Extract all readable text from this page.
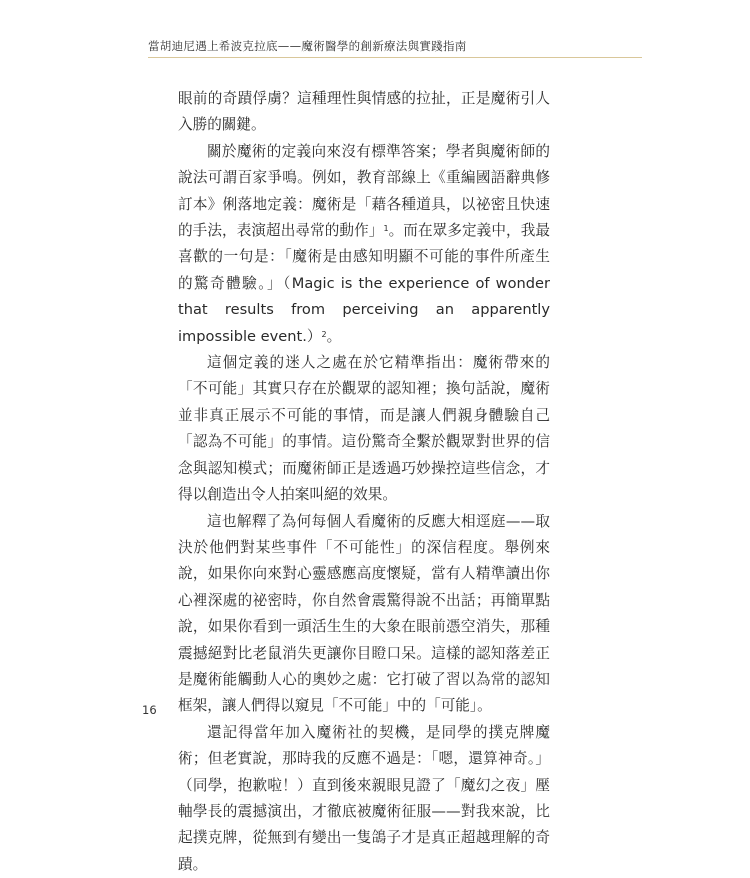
當胡迪尼遇上希波克拉底——魔術醫學的創新療法與實踐指南

眼前的奇蹟俘虜？這種理性與情感的拉扯，正是魔術引人入勝的關鍵。

關於魔術的定義向來沒有標準答案；學者與魔術師的說法可謂百家爭鳴。例如，教育部線上《重編國語辭典修訂本》俐落地定義：魔術是「藉各種道具，以祕密且快速的手法，表演超出尋常的動作」$^1$。而在眾多定義中，我最喜歡的一句是：「魔術是由感知明顯不可能的事件所產生的驚奇體驗。」（Magic is the experience of wonder that results from perceiving an apparently impossible event.）$^2$。

這個定義的迷人之處在於它精準指出：魔術帶來的「不可能」其實只存在於觀眾的認知裡；換句話說，魔術並非真正展示不可能的事情，而是讓人們親身體驗自己「認為不可能」的事情。這份驚奇全繫於觀眾對世界的信念與認知模式；而魔術師正是透過巧妙操控這些信念，才得以創造出令人拍案叫絕的效果。

這也解釋了為何每個人看魔術的反應大相逕庭——取決於他們對某些事件「不可能性」的深信程度。舉例來說，如果你向來對心靈感應高度懷疑，當有人精準讀出你心裡深處的祕密時，你自然會震驚得說不出話；再簡單點說，如果你看到一頭活生生的大象在眼前憑空消失，那種震撼絕對比老鼠消失更讓你目瞪口呆。這樣的認知落差正是魔術能觸動人心的奧妙之處：它打破了習以為常的認知框架，讓人們得以窺見「不可能」中的「可能」。

還記得當年加入魔術社的契機，是同學的撲克牌魔術；但老實說，那時我的反應不過是：「嗯，還算神奇。」（同學，抱歉啦！）直到後來親眼見證了「魔幻之夜」壓軸學長的震撼演出，才徹底被魔術征服——對我來說，比起撲克牌，從無到有變出一隻鴿子才是真正超越理解的奇蹟。

16
